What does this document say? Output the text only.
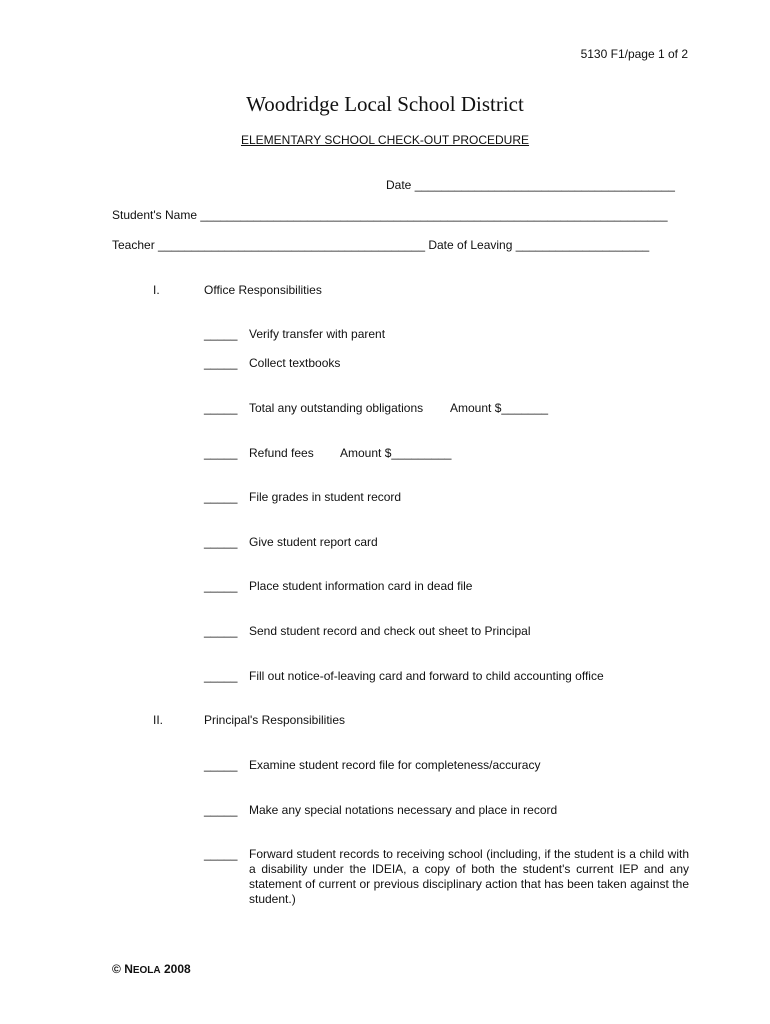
5130 F1/page 1 of 2
Woodridge Local School District
ELEMENTARY SCHOOL CHECK-OUT PROCEDURE
Date _______________________________________
Student's Name ______________________________________________________________________
Teacher ________________________________________ Date of Leaving ____________________
I.	Office Responsibilities
_____ Verify transfer with parent
_____ Collect textbooks
_____ Total any outstanding obligations Amount $_______
_____ Refund fees Amount $_________
_____ File grades in student record
_____ Give student report card
_____ Place student information card in dead file
_____ Send student record and check out sheet to Principal
_____ Fill out notice-of-leaving card and forward to child accounting office
II.	Principal's Responsibilities
_____ Examine student record file for completeness/accuracy
_____ Make any special notations necessary and place in record
_____ Forward student records to receiving school (including, if the student is a child with a disability under the IDEIA, a copy of both the student's current IEP and any statement of current or previous disciplinary action that has been taken against the student.)
© NEOLA 2008
